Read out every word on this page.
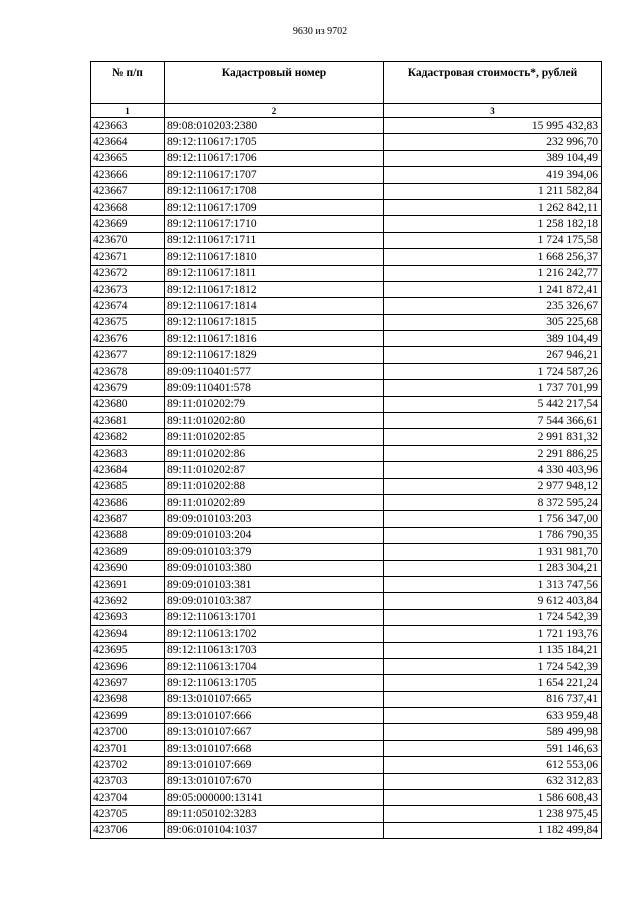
9630 из 9702
№ п/п	Кадастровый номер	Кадастровая стоимость*, рублей
1	2	3
423663	89:08:010203:2380	15 995 432,83
423664	89:12:110617:1705	232 996,70
423665	89:12:110617:1706	389 104,49
423666	89:12:110617:1707	419 394,06
423667	89:12:110617:1708	1 211 582,84
423668	89:12:110617:1709	1 262 842,11
423669	89:12:110617:1710	1 258 182,18
423670	89:12:110617:1711	1 724 175,58
423671	89:12:110617:1810	1 668 256,37
423672	89:12:110617:1811	1 216 242,77
423673	89:12:110617:1812	1 241 872,41
423674	89:12:110617:1814	235 326,67
423675	89:12:110617:1815	305 225,68
423676	89:12:110617:1816	389 104,49
423677	89:12:110617:1829	267 946,21
423678	89:09:110401:577	1 724 587,26
423679	89:09:110401:578	1 737 701,99
423680	89:11:010202:79	5 442 217,54
423681	89:11:010202:80	7 544 366,61
423682	89:11:010202:85	2 991 831,32
423683	89:11:010202:86	2 291 886,25
423684	89:11:010202:87	4 330 403,96
423685	89:11:010202:88	2 977 948,12
423686	89:11:010202:89	8 372 595,24
423687	89:09:010103:203	1 756 347,00
423688	89:09:010103:204	1 786 790,35
423689	89:09:010103:379	1 931 981,70
423690	89:09:010103:380	1 283 304,21
423691	89:09:010103:381	1 313 747,56
423692	89:09:010103:387	9 612 403,84
423693	89:12:110613:1701	1 724 542,39
423694	89:12:110613:1702	1 721 193,76
423695	89:12:110613:1703	1 135 184,21
423696	89:12:110613:1704	1 724 542,39
423697	89:12:110613:1705	1 654 221,24
423698	89:13:010107:665	816 737,41
423699	89:13:010107:666	633 959,48
423700	89:13:010107:667	589 499,98
423701	89:13:010107:668	591 146,63
423702	89:13:010107:669	612 553,06
423703	89:13:010107:670	632 312,83
423704	89:05:000000:13141	1 586 608,43
423705	89:11:050102:3283	1 238 975,45
423706	89:06:010104:1037	1 182 499,84
